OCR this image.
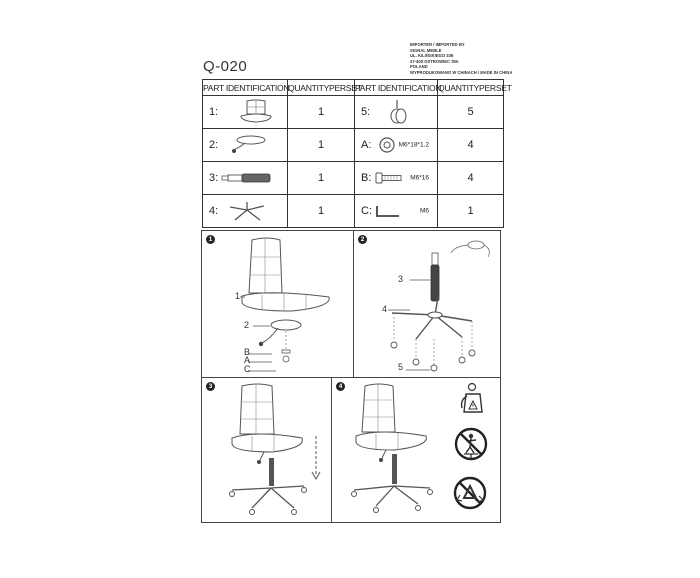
Q-020
IMPORTER / IMPORTED BY
SIGNAL MEBLE
UL. KILIŃSKIEGO 336
27-400 OSTROWIEC ŚW.
POLAND
WYPRODUKOWANO W CHINACH / MADE IN CHINA
PART IDENTIFICATION	QUANTITYPERSET	PART IDENTIFICATION	QUANTITYPERSET

1:	1	5:	5

2:	1	A: M6*18*1.2	4

3:	1	B: M6*16	4

4:	1	C: M6	1
1
1
2
B
A
C
2
3
4
5
3	4
